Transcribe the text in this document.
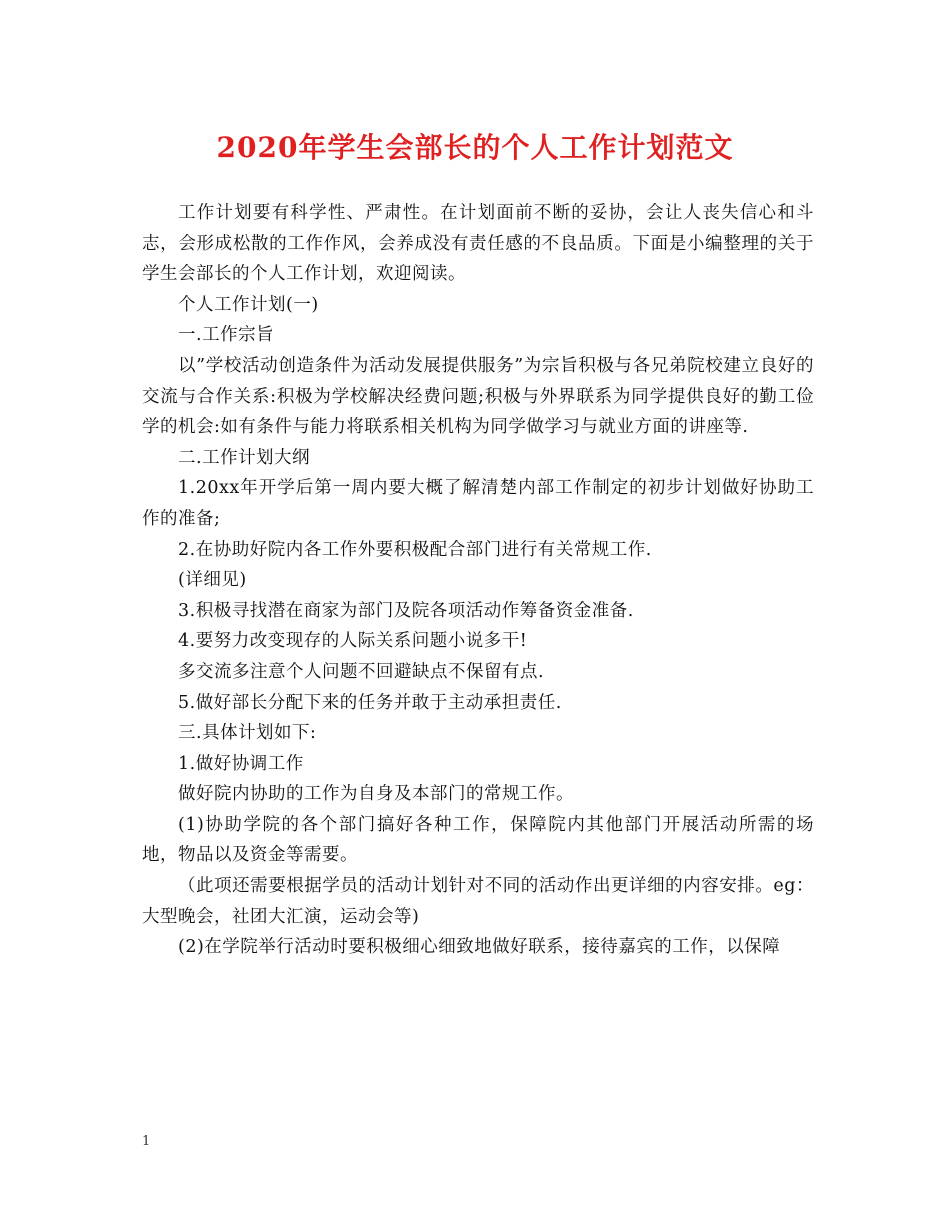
2020年学生会部长的个人工作计划范文

工作计划要有科学性、严肃性。在计划面前不断的妥协，会让人丧失信心和斗志，会形成松散的工作作风，会养成没有责任感的不良品质。下面是小编整理的关于学生会部长的个人工作计划，欢迎阅读。

个人工作计划(一)

一.工作宗旨

以”学校活动创造条件为活动发展提供服务”为宗旨积极与各兄弟院校建立良好的交流与合作关系:积极为学校解决经费问题;积极与外界联系为同学提供良好的勤工俭学的机会:如有条件与能力将联系相关机构为同学做学习与就业方面的讲座等.

二.工作计划大纲

1.20xx年开学后第一周内要大概了解清楚内部工作制定的初步计划做好协助工作的准备;

2.在协助好院内各工作外要积极配合部门进行有关常规工作.

(详细见)

3.积极寻找潜在商家为部门及院各项活动作筹备资金准备.

4.要努力改变现存的人际关系问题小说多干!

多交流多注意个人问题不回避缺点不保留有点.

5.做好部长分配下来的任务并敢于主动承担责任.

三.具体计划如下:

1.做好协调工作

做好院内协助的工作为自身及本部门的常规工作。

(1)协助学院的各个部门搞好各种工作，保障院内其他部门开展活动所需的场地，物品以及资金等需要。

（此项还需要根据学员的活动计划针对不同的活动作出更详细的内容安排。eg：大型晚会，社团大汇演，运动会等)

(2)在学院举行活动时要积极细心细致地做好联系，接待嘉宾的工作，以保障

1
